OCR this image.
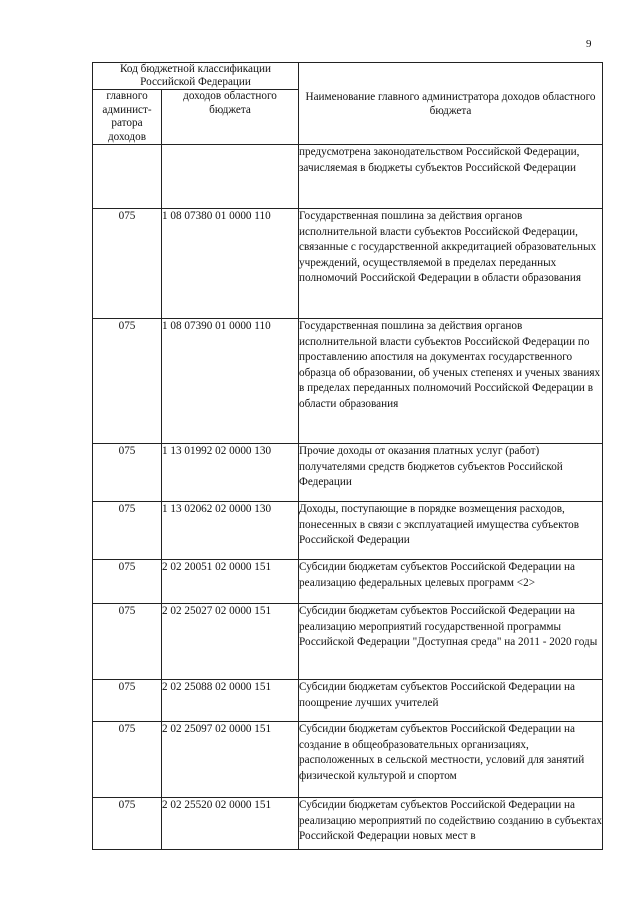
9
Код бюджетной классификации Российской Федерации		Наименование главного администратора доходов областного бюджета
главного админист-ратора доходов	доходов областного бюджета	
		предусмотрена законодательством Российской Федерации, зачисляемая в бюджеты субъектов Российской Федерации
075	1 08 07380 01 0000 110	Государственная пошлина за действия органов исполнительной власти субъектов Российской Федерации, связанные с государственной аккредитацией образовательных учреждений, осуществляемой в пределах переданных полномочий Российской Федерации в области образования
075	1 08 07390 01 0000 110	Государственная пошлина за действия органов исполнительной власти субъектов Российской Федерации по проставлению апостиля на документах государственного образца об образовании, об ученых степенях и ученых званиях в пределах переданных полномочий Российской Федерации в области образования
075	1 13 01992 02 0000 130	Прочие доходы от оказания платных услуг (работ) получателями средств бюджетов субъектов Российской Федерации
075	1 13 02062 02 0000 130	Доходы, поступающие в порядке возмещения расходов, понесенных в связи с эксплуатацией имущества субъектов Российской Федерации
075	2 02 20051 02 0000 151	Субсидии бюджетам субъектов Российской Федерации на реализацию федеральных целевых программ <2>
075	2 02 25027 02 0000 151	Субсидии бюджетам субъектов Российской Федерации на реализацию мероприятий государственной программы Российской Федерации "Доступная среда" на 2011 - 2020 годы
075	2 02 25088 02 0000 151	Субсидии бюджетам субъектов Российской Федерации на поощрение лучших учителей
075	2 02 25097 02 0000 151	Субсидии бюджетам субъектов Российской Федерации на создание в общеобразовательных организациях, расположенных в сельской местности, условий для занятий физической культурой и спортом
075	2 02 25520 02 0000 151	Субсидии бюджетам субъектов Российской Федерации на реализацию мероприятий по содействию созданию в субъектах Российской Федерации новых мест в
